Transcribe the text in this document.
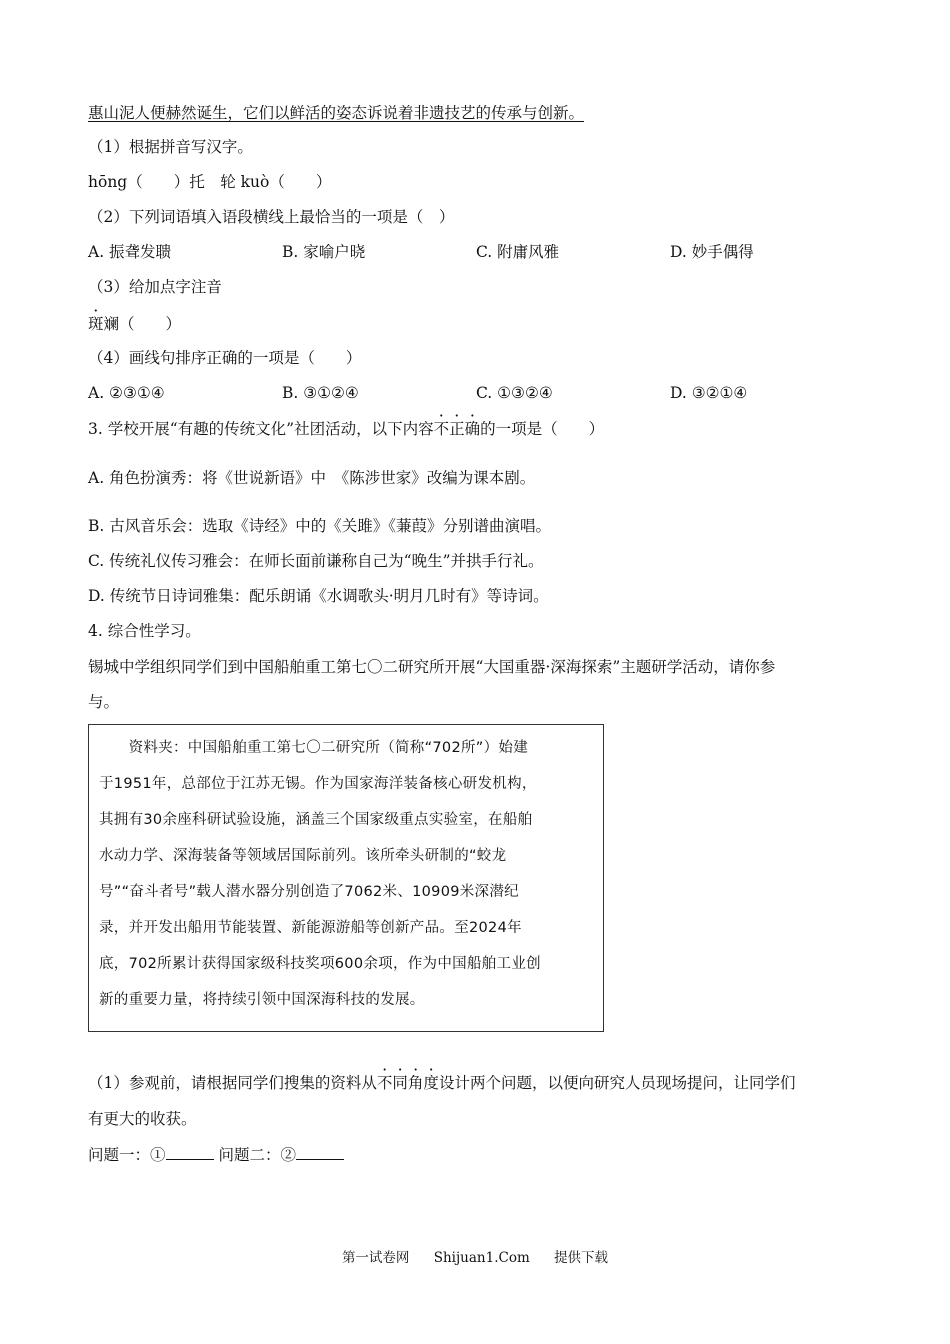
惠山泥人便赫然诞生，它们以鲜活的姿态诉说着非遗技艺的传承与创新。
（1）根据拼音写汉字。
hōng（　　）托　轮 kuò（　　）
（2）下列词语填入语段横线上最恰当的一项是（　）
A. 振聋发聩	B. 家喻户晓	C. 附庸风雅	D. 妙手偶得
（3）给加点字注音
斑斓（　　）
（4）画线句排序正确的一项是（　　）
A. ②③①④	B. ③①②④	C. ①③②④	D. ③②①④
3. 学校开展“有趣的传统文化”社团活动，以下内容不正确的一项是（　　）
A. 角色扮演秀：将《世说新语》中　《陈涉世家》改编为课本剧。
B. 古风音乐会：选取《诗经》中的《关雎》《蒹葭》分别谱曲演唱。
C. 传统礼仪传习雅会：在师长面前谦称自己为“晚生”并拱手行礼。
D. 传统节日诗词雅集：配乐朗诵《水调歌头·明月几时有》等诗词。
4. 综合性学习。
锡城中学组织同学们到中国船舶重工第七〇二研究所开展“大国重器·深海探索”主题研学活动，请你参
与。
　　资料夹：中国船舶重工第七〇二研究所（简称“702所”）始建
于1951年，总部位于江苏无锡。作为国家海洋装备核心研发机构，
其拥有30余座科研试验设施，涵盖三个国家级重点实验室，在船舶
水动力学、深海装备等领域居国际前列。该所牵头研制的“蛟龙
号”“奋斗者号”载人潜水器分别创造了7062米、10909米深潜纪
录，并开发出船用节能装置、新能源游船等创新产品。至2024年
底，702所累计获得国家级科技奖项600余项，作为中国船舶工业创
新的重要力量，将持续引领中国深海科技的发展。
（1）参观前，请根据同学们搜集的资料从不同角度设计两个问题，以便向研究人员现场提问，让同学们
有更大的收获。
问题一：①	问题二：②
第一试卷网 Shijuan1.Com 提供下载
